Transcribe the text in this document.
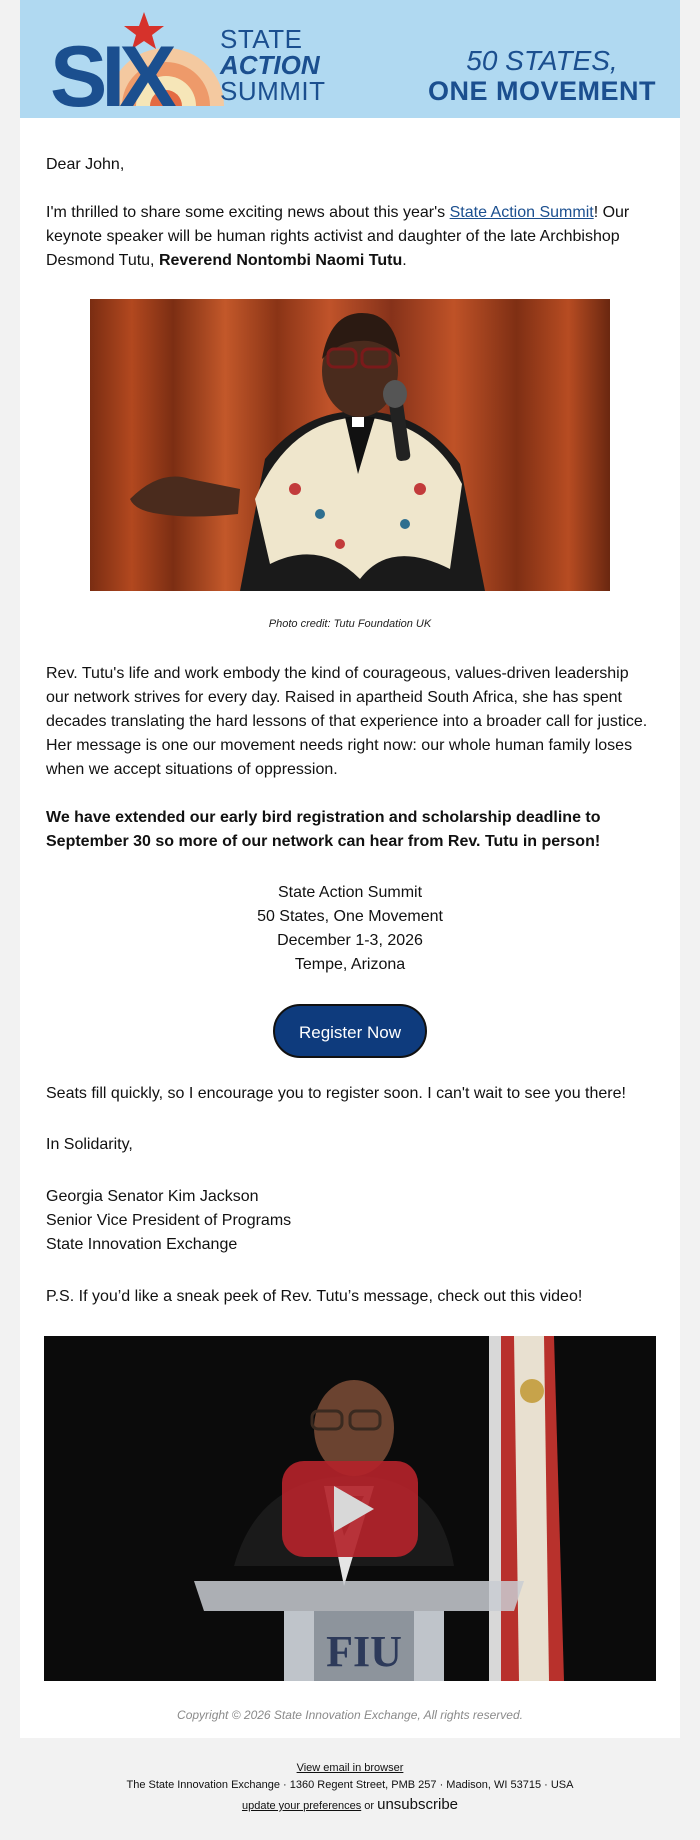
SIX STATE
ACTION
SUMMIT
50 STATES,
ONE MOVEMENT
Dear John,
I'm thrilled to share some exciting news about this year's State Action Summit! Our keynote speaker will be human rights activist and daughter of the late Archbishop Desmond Tutu, Reverend Nontombi Naomi Tutu.
Photo credit: Tutu Foundation UK
Rev. Tutu's life and work embody the kind of courageous, values-driven leadership our network strives for every day. Raised in apartheid South Africa, she has spent decades translating the hard lessons of that experience into a broader call for justice. Her message is one our movement needs right now: our whole human family loses when we accept situations of oppression.
We have extended our early bird registration and scholarship deadline to September 30 so more of our network can hear from Rev. Tutu in person!
State Action Summit
50 States, One Movement
December 1-3, 2026
Tempe, Arizona
Register Now
Seats fill quickly, so I encourage you to register soon. I can't wait to see you there!
In Solidarity,
Georgia Senator Kim Jackson
Senior Vice President of Programs
State Innovation Exchange
P.S. If you’d like a sneak peek of Rev. Tutu’s message, check out this video!
FIU
Copyright © 2026 State Innovation Exchange, All rights reserved.
View email in browser
The State Innovation Exchange · 1360 Regent Street, PMB 257 · Madison, WI 53715 · USA
update your preferences or unsubscribe
